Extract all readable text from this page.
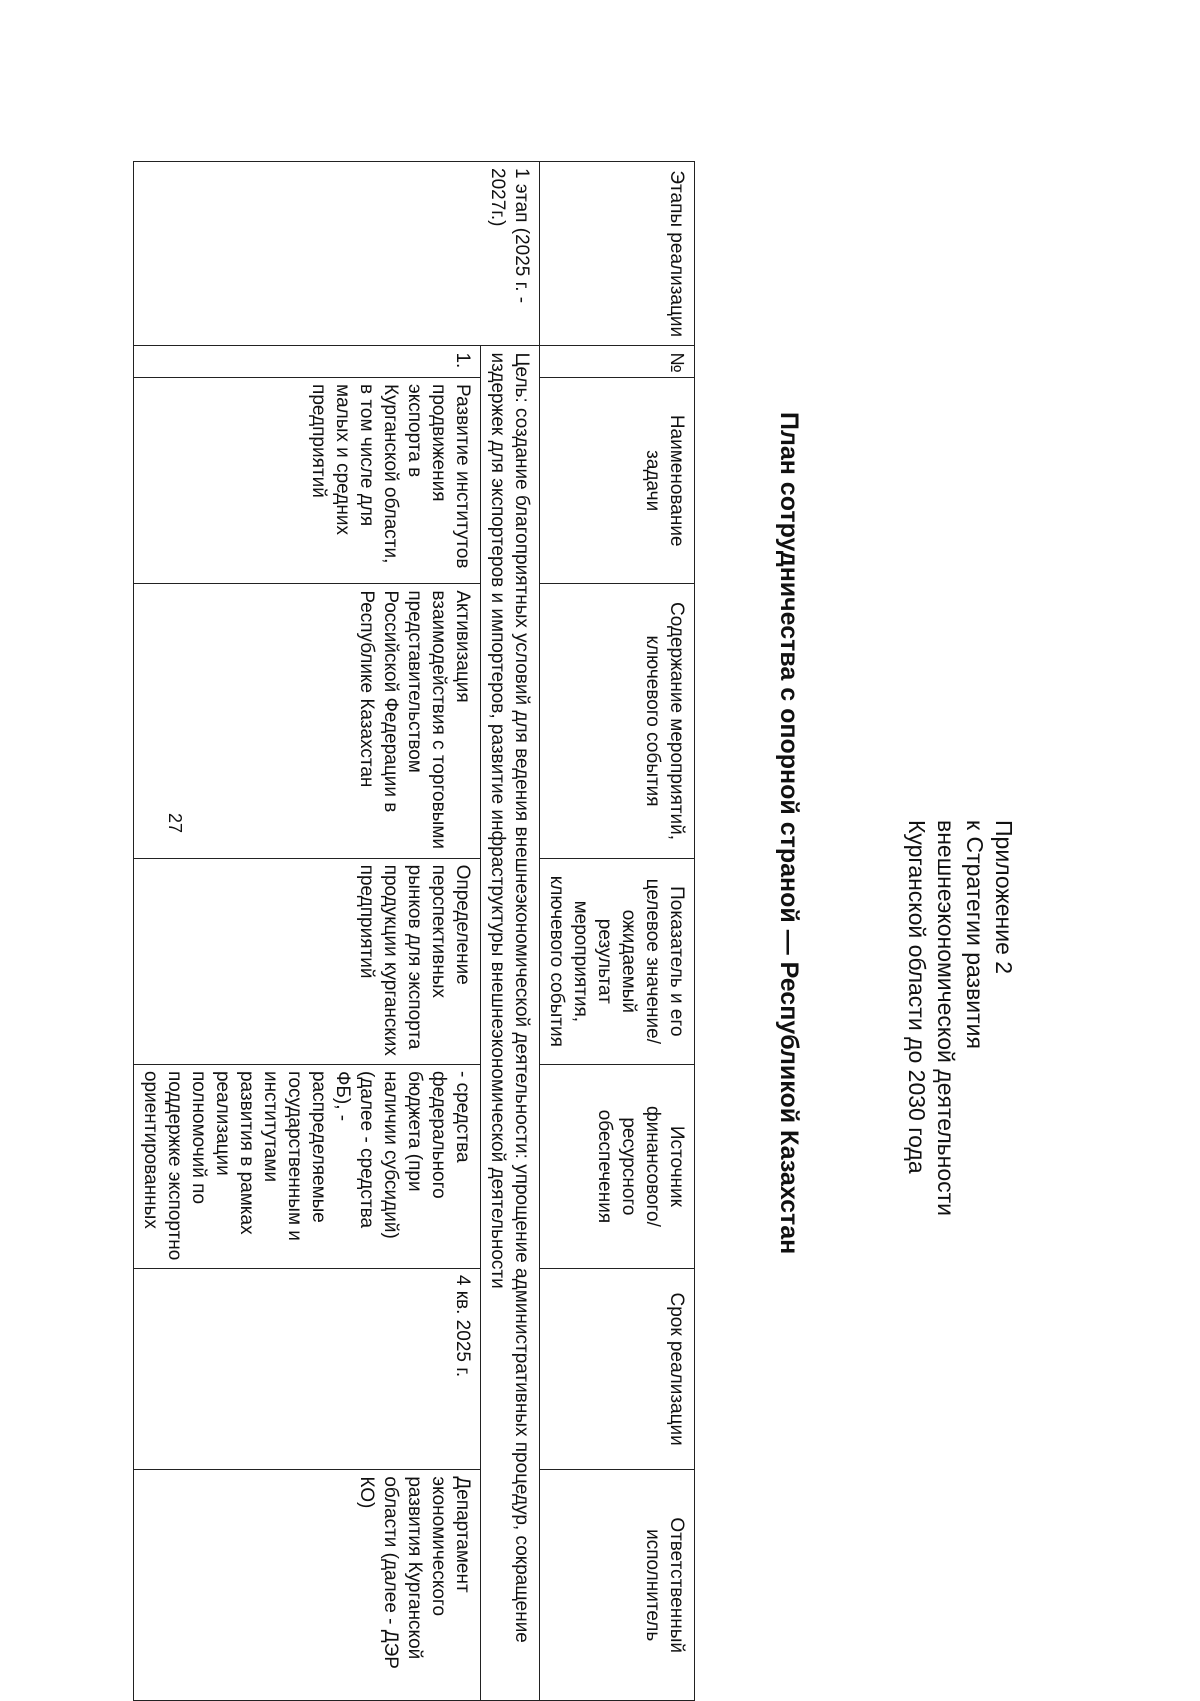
27	Приложение 2
к Стратегии развития
внешнеэкономической деятельности
Курганской области до 2030 года
План сотрудничества с опорной страной — Республикой Казахстан
Этапы реализации	№	Наименование задачи	Содержание мероприятий, ключевого события	Показатель и его целевое значение/ ожидаемый результат мероприятия, ключевого события	Источник финансового/ ресурсного обеспечения	Срок реализации	Ответственный исполнитель
1 этап (2025 г. - 2027г.)	Цель: создание благоприятных условий для ведения внешнеэкономической деятельности: упрощение административных процедур, сокращение издержек для экспортеров и импортеров, развитие инфраструктуры внешнеэкономической деятельности						
	1.	Развитие институтов продвижения экспорта в Курганской области, в том числе для малых и средних предприятий	Активизация взаимодействия с торговыми представительством Российской Федерации в Республике Казахстан	Определение перспективных рынков для экспорта продукции курганских предприятий	- средства федерального бюджета (при наличии субсидий) (далее - средства ФБ), - распределяемые государственным и институтами развития в рамках реализации полномочий по поддержке экспортно ориентированных	4 кв. 2025 г.	Департамент экономического развития Курганской области (далее - ДЭР КО)
